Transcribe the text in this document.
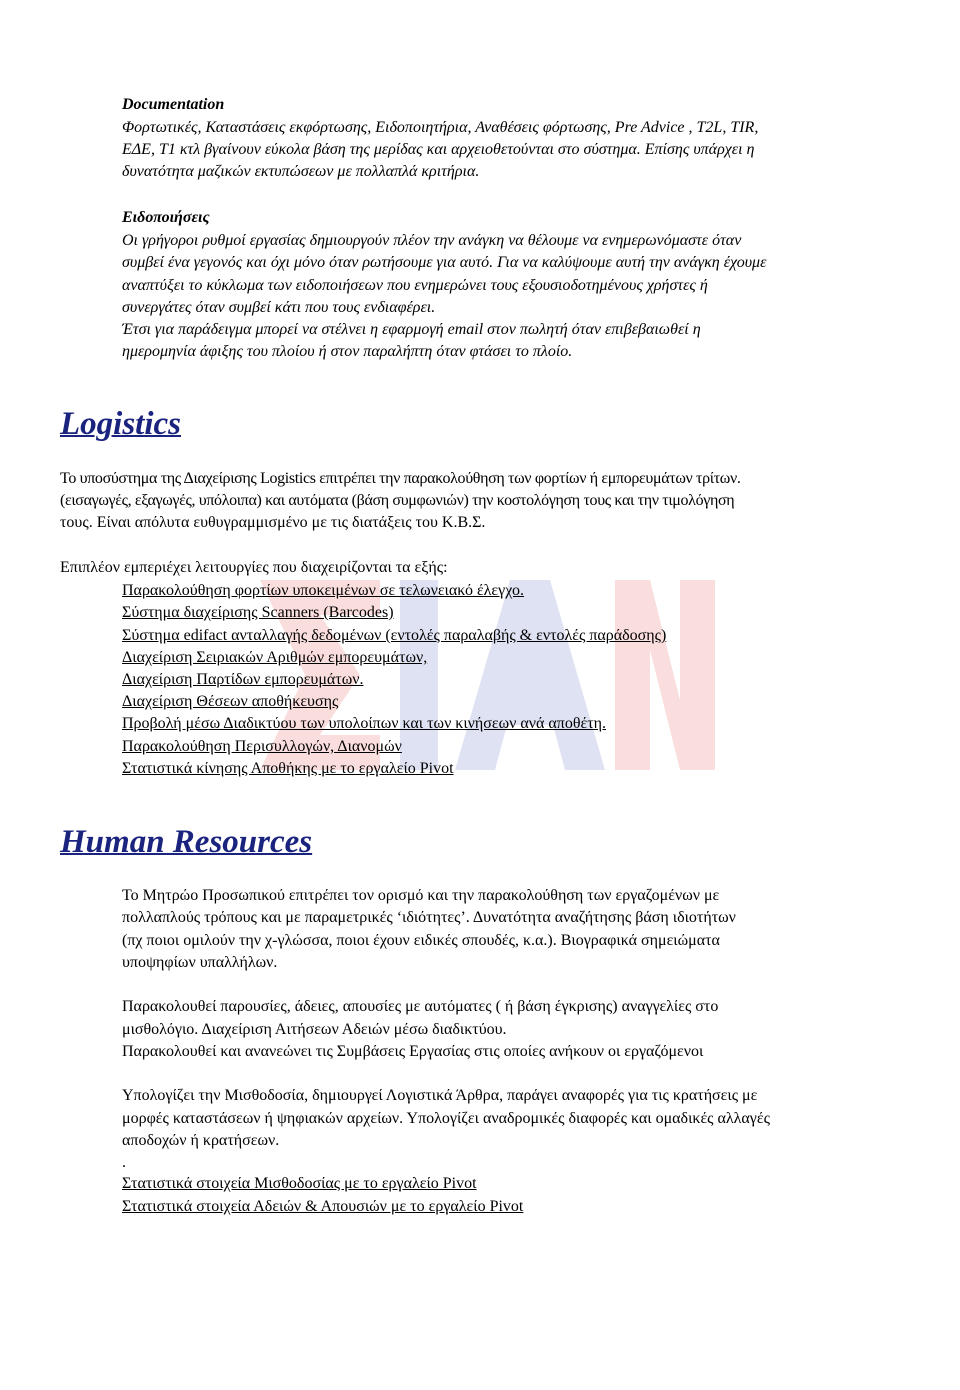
Documentation
Φορτωτικές, Καταστάσεις εκφόρτωσης, Ειδοποιητήρια, Αναθέσεις φόρτωσης, Pre Advice , T2L, TIR,
ΕΔΕ, T1 κτλ βγαίνουν εύκολα βάση της μερίδας και αρχειοθετούνται στο σύστημα. Επίσης υπάρχει η
δυνατότητα μαζικών εκτυπώσεων με πολλαπλά κριτήρια.
Ειδοποιήσεις
Οι γρήγοροι ρυθμοί εργασίας δημιουργούν πλέον την ανάγκη να θέλουμε να ενημερωνόμαστε όταν
συμβεί ένα γεγονός και όχι μόνο όταν ρωτήσουμε για αυτό. Για να καλύψουμε αυτή την ανάγκη έχουμε
αναπτύξει το κύκλωμα των ειδοποιήσεων που ενημερώνει τους εξουσιοδοτημένους χρήστες ή
συνεργάτες όταν συμβεί κάτι που τους ενδιαφέρει.
Έτσι για παράδειγμα μπορεί να στέλνει η εφαρμογή email στον πωλητή όταν επιβεβαιωθεί η
ημερομηνία άφιξης του πλοίου ή στον παραλήπτη όταν φτάσει το πλοίο.
Logistics
Το υποσύστημα της Διαχείρισης Logistics επιτρέπει την παρακολούθηση των φορτίων ή εμπορευμάτων τρίτων.
(εισαγωγές, εξαγωγές, υπόλοιπα) και αυτόματα (βάση συμφωνιών) την κοστολόγηση τους και την τιμολόγηση
τους. Είναι απόλυτα ευθυγραμμισμένο με τις διατάξεις του Κ.Β.Σ.
Επιπλέον εμπεριέχει λειτουργίες που διαχειρίζονται τα εξής:
Παρακολούθηση φορτίων υποκειμένων σε τελωνειακό έλεγχο.
Σύστημα διαχείρισης Scanners (Barcodes)
Σύστημα edifact ανταλλαγής δεδομένων (εντολές παραλαβής & εντολές παράδοσης)
Διαχείριση Σειριακών Αριθμών εμπορευμάτων,
Διαχείριση Παρτίδων εμπορευμάτων.
Διαχείριση Θέσεων αποθήκευσης
Προβολή μέσω Διαδικτύου των υπολοίπων και των κινήσεων ανά αποθέτη.
Παρακολούθηση Περισυλλογών, Διανομών
Στατιστικά κίνησης Αποθήκης με το εργαλείο Pivot
Human Resources
Το Μητρώο Προσωπικού επιτρέπει τον ορισμό και την παρακολούθηση των εργαζομένων με
πολλαπλούς τρόπους και με παραμετρικές ‘ιδιότητες’. Δυνατότητα αναζήτησης βάση ιδιοτήτων
(πχ ποιοι ομιλούν την χ-γλώσσα, ποιοι έχουν ειδικές σπουδές, κ.α.). Βιογραφικά σημειώματα
υποψηφίων υπαλλήλων.
Παρακολουθεί παρουσίες, άδειες, απουσίες με αυτόματες ( ή βάση έγκρισης) αναγγελίες στο
μισθολόγιο. Διαχείριση Αιτήσεων Αδειών μέσω διαδικτύου.
Παρακολουθεί και ανανεώνει τις Συμβάσεις Εργασίας στις οποίες ανήκουν οι εργαζόμενοι
Υπολογίζει την Μισθοδοσία, δημιουργεί Λογιστικά Άρθρα, παράγει αναφορές για τις κρατήσεις με
μορφές καταστάσεων ή ψηφιακών αρχείων. Υπολογίζει αναδρομικές διαφορές και ομαδικές αλλαγές
αποδοχών ή κρατήσεων.
.
Στατιστικά στοιχεία Μισθοδοσίας με το εργαλείο Pivot
Στατιστικά στοιχεία Αδειών & Απουσιών με το εργαλείο Pivot
